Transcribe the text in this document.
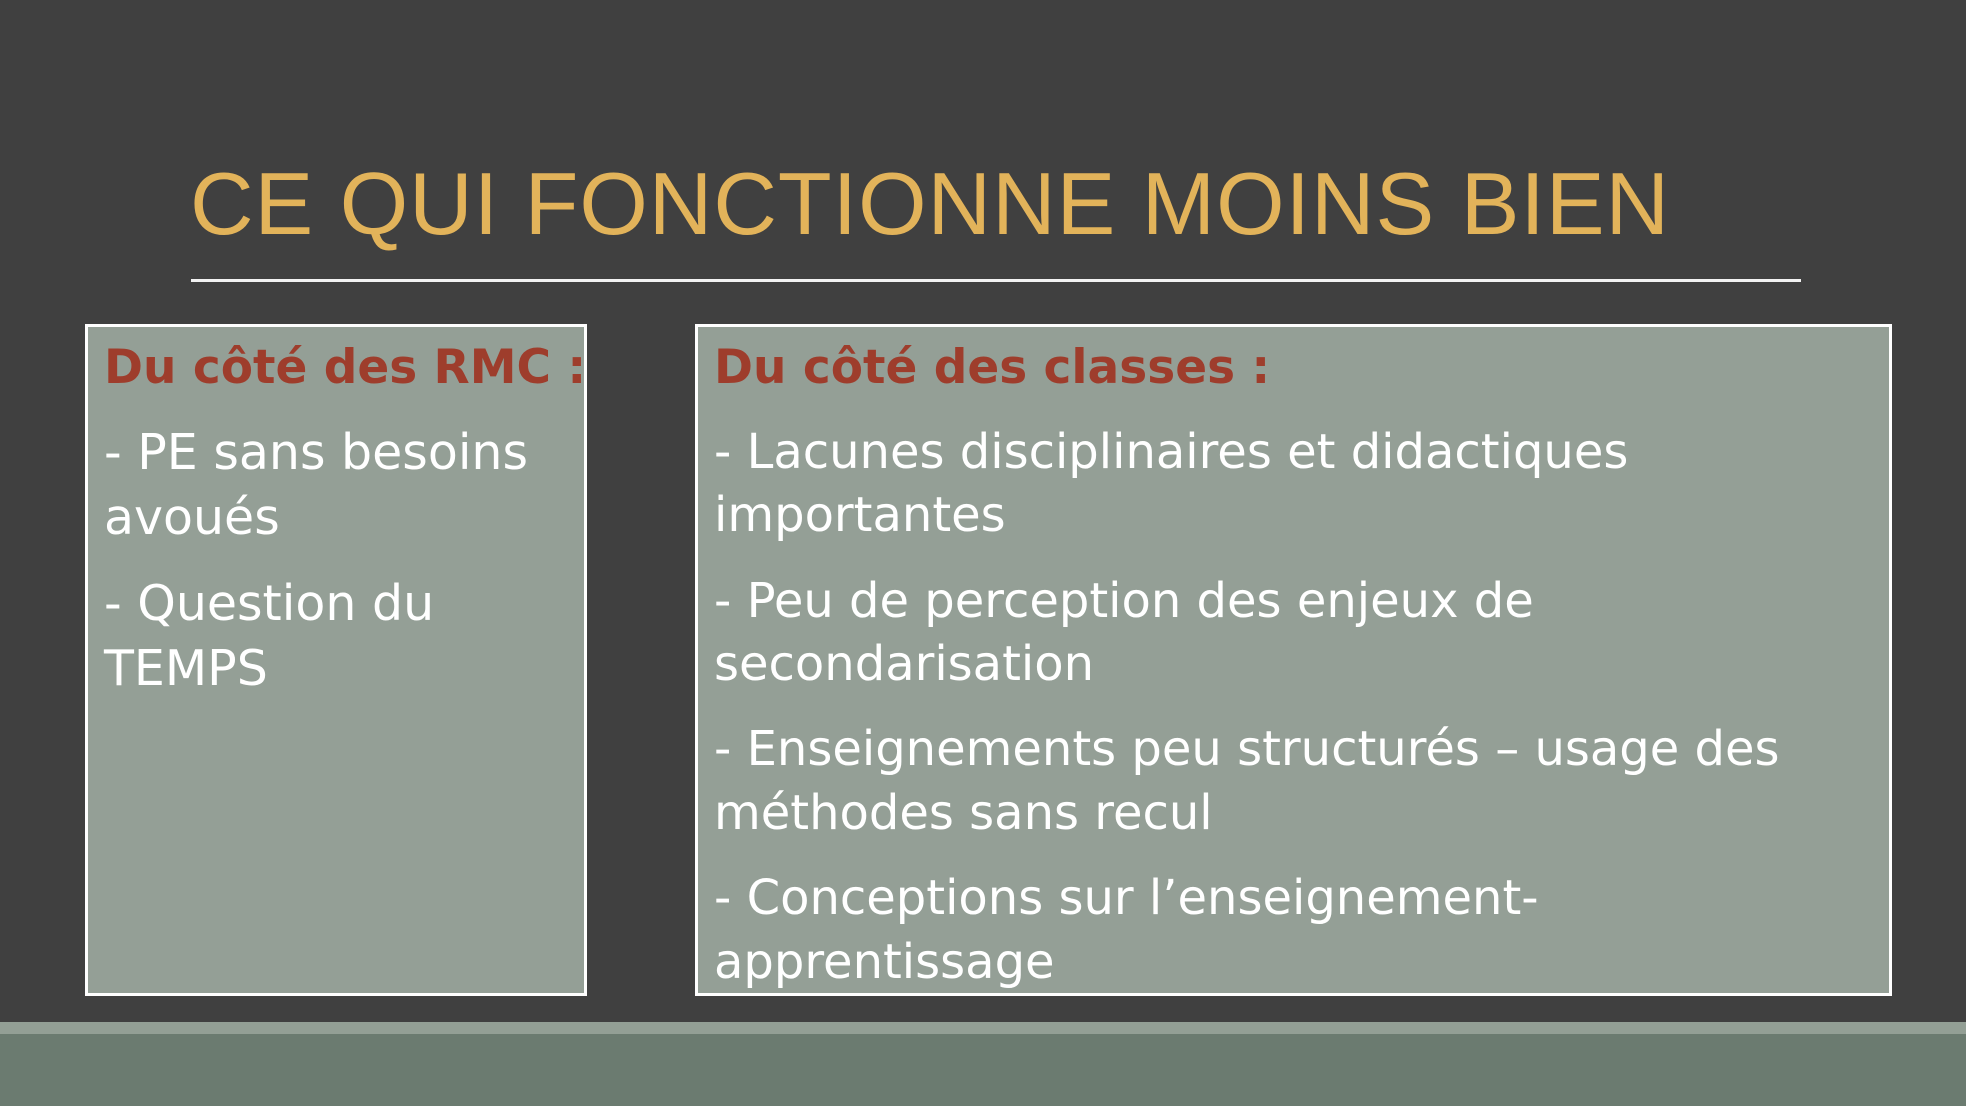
CE QUI FONCTIONNE MOINS BIEN
Du côté des RMC :
- PE sans besoins avoués
- Question du TEMPS
Du côté des classes :
- Lacunes disciplinaires et didactiques importantes
- Peu de perception des enjeux de secondarisation
- Enseignements peu structurés – usage des méthodes sans recul
- Conceptions sur l’enseignement-apprentissage
